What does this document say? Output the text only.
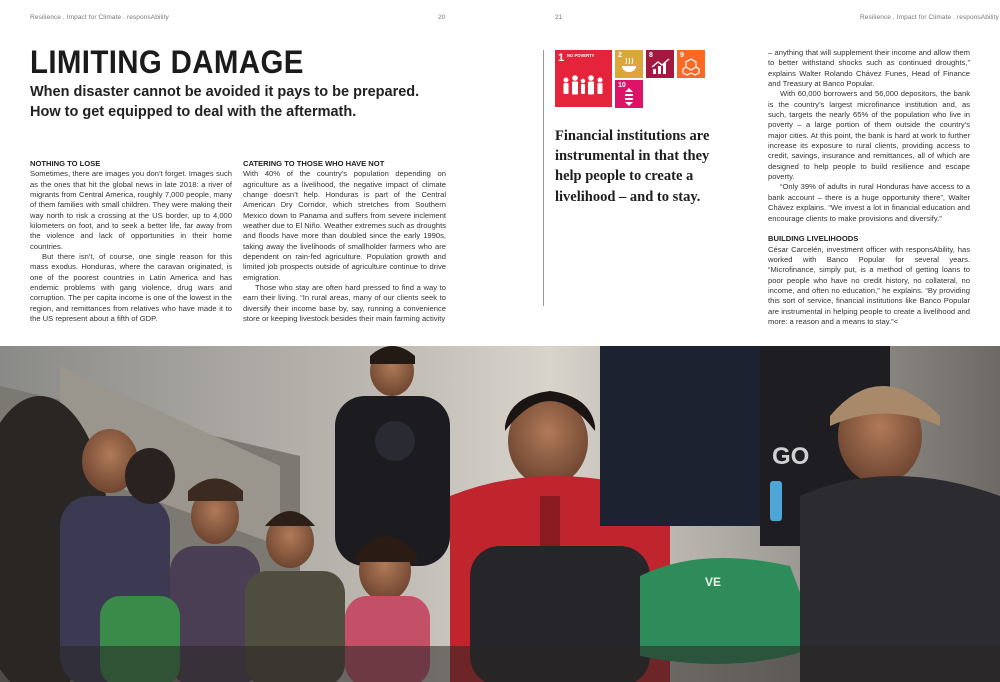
Resilience . Impact for Climate . responsAbility	20	21	Resilience . Impact for Climate . responsAbility
LIMITING DAMAGE
When disaster cannot be avoided it pays to be prepared. How to get equipped to deal with the aftermath.
NOTHING TO LOSE

Sometimes, there are images you don’t forget. Images such as the ones that hit the global news in late 2018: a river of migrants from Central America, roughly 7,000 people, many of them families with small children. They were making their way north to risk a crossing at the US border, up to 4,000 kilometers on foot, and to seek a better life, far away from the violence and lack of opportunities in their home countries.

But there isn’t, of course, one single reason for this mass exodus. Honduras, where the caravan originated, is one of the poorest countries in Latin America and has endemic problems with gang violence, drug wars and corruption. The per capita income is one of the lowest in the region, and remittances from relatives who have made it to the US represent about a fifth of GDP.

CATERING TO THOSE WHO HAVE NOT

With 40% of the country’s population depending on agriculture as a livelihood, the negative impact of climate change doesn’t help. Honduras is part of the Central American Dry Corridor, which stretches from Southern Mexico down to Panama and suffers from severe inclement weather due to El Niño. Weather extremes such as droughts and floods have more than doubled since the early 1990s, taking away the livelihoods of smallholder farmers who are dependent on rain-fed agriculture. Population growth and limited job prospects outside of agriculture continue to drive emigration.

Those who stay are often hard pressed to find a way to earn their living. “In rural areas, many of our clients seek to diversify their income base by, say, running a convenience store or keeping livestock besides their main farming activity

1 NO POVERTY	2	8	9
10
Financial institutions are instrumental in that they help people to create a livelihood – and to stay.

– anything that will supplement their income and allow them to better withstand shocks such as continued droughts,” explains Walter Rolando Chávez Funes, Head of Finance and Treasury at Banco Popular.

With 60,000 borrowers and 56,000 depositors, the bank is the country’s largest microfinance institution and, as such, targets the nearly 65% of the population who live in poverty – a large portion of them outside the country’s major cities. At this point, the bank is hard at work to further increase its exposure to rural clients, providing access to credit, savings, insurance and remittances, all of which are designed to help people to build resilience and escape poverty.

“Only 39% of adults in rural Honduras have access to a bank account – there is a huge opportunity there”, Walter Chávez explains. “We invest a lot in financial education and encourage clients to make provisions and diversify.”

BUILDING LIVELIHOODS

César Carcelén, investment officer with responsAbility, has worked with Banco Popular for several years. “Microfinance, simply put, is a method of getting loans to poor people who have no credit history, no collateral, no income, and often no education,” he explains. “By providing this sort of service, financial institutions like Banco Popular are instrumental in helping people to create a livelihood and more: a reason and a means to stay.”<

GO
VE
